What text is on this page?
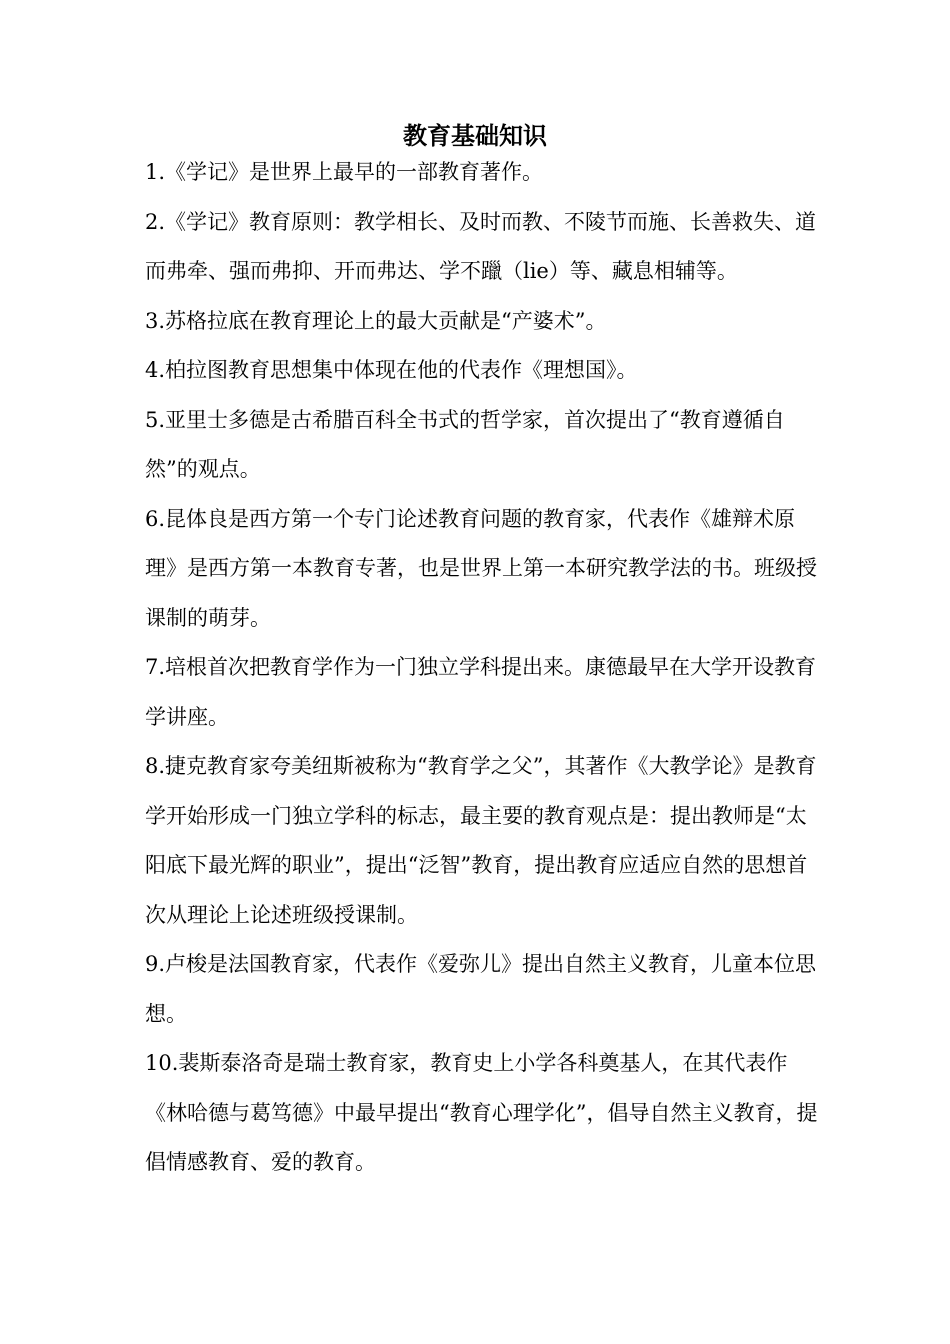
教育基础知识

1.《学记》是世界上最早的一部教育著作。

2.《学记》教育原则：教学相长、及时而教、不陵节而施、长善救失、道而弗牵、强而弗抑、开而弗达、学不躐（lie）等、藏息相辅等。

3.苏格拉底在教育理论上的最大贡献是“产婆术”。

4.柏拉图教育思想集中体现在他的代表作《理想国》。

5.亚里士多德是古希腊百科全书式的哲学家，首次提出了“教育遵循自然”的观点。

6.昆体良是西方第一个专门论述教育问题的教育家，代表作《雄辩术原理》是西方第一本教育专著，也是世界上第一本研究教学法的书。班级授课制的萌芽。

7.培根首次把教育学作为一门独立学科提出来。康德最早在大学开设教育学讲座。

8.捷克教育家夸美纽斯被称为“教育学之父”，其著作《大教学论》是教育学开始形成一门独立学科的标志，最主要的教育观点是：提出教师是“太阳底下最光辉的职业”，提出“泛智”教育，提出教育应适应自然的思想首次从理论上论述班级授课制。

9.卢梭是法国教育家，代表作《爱弥儿》提出自然主义教育，儿童本位思想。

10.裴斯泰洛奇是瑞士教育家，教育史上小学各科奠基人，在其代表作《林哈德与葛笃德》中最早提出“教育心理学化”，倡导自然主义教育，提倡情感教育、爱的教育。
